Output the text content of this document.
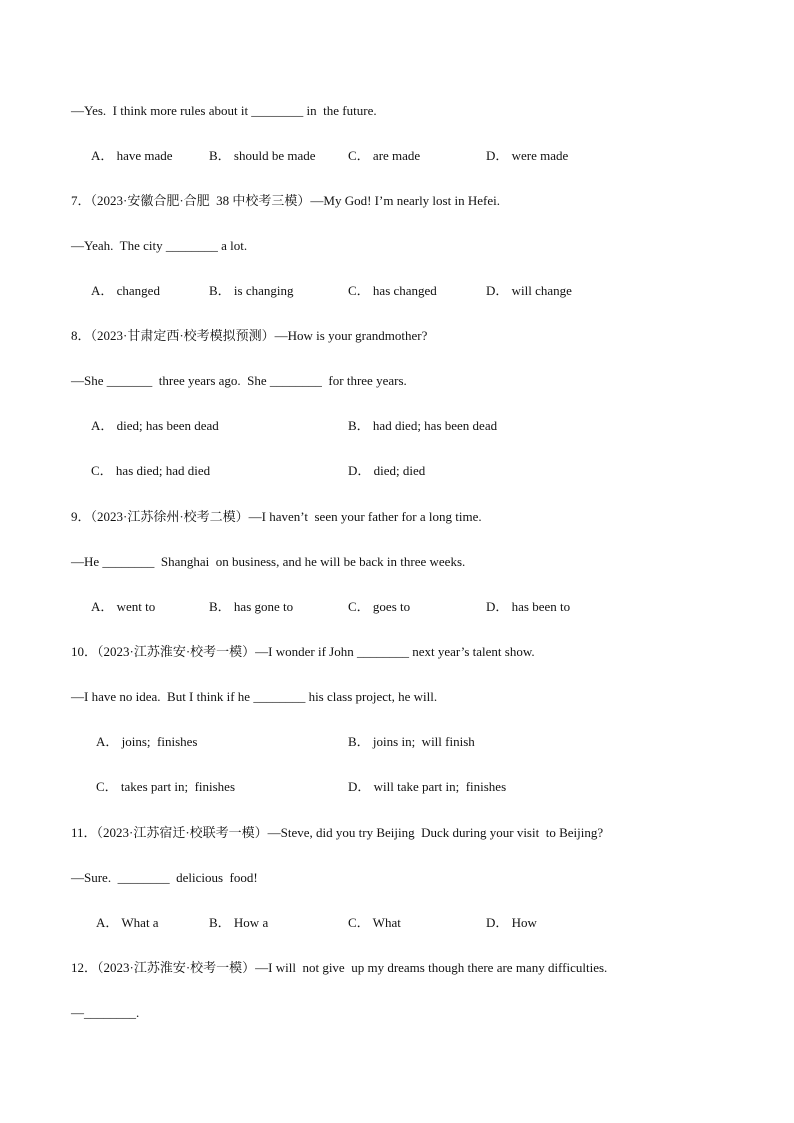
—Yes.  I think more rules about it ________ in  the future.
A． have made	B． should be made C． are made	D． were made
7．（2023·安徽合肥·合肥  38 中校考三模）—My God! I’m nearly lost in Hefei.
—Yeah.  The city ________ a lot.
A． changed	B． is changing	C． has changed	D． will change
8．（2023·甘肃定西·校考模拟预测）—How is your grandmother?
—She _______  three years ago.  She ________  for three years.
A． died; has been dead	B． had died; has been dead
C． has died; had died	D． died; died
9．（2023·江苏徐州·校考二模）—I haven’t  seen your father for a long time.
—He ________  Shanghai  on business, and he will be back in three weeks.
A． went to	B． has gone to	C． goes to	D． has been to
10．（2023·江苏淮安·校考一模）—I wonder if John ________ next year’s talent show.
—I have no idea.  But I think if he ________ his class project, he will.
A． joins;  finishes	B． joins in;  will finish
C． takes part in;  finishes	D． will take part in;  finishes
11．（2023·江苏宿迁·校联考一模）—Steve, did you try Beijing  Duck during your visit  to Beijing?
—Sure.  ________  delicious  food!
A． What a	B． How a	C． What	D． How
12．（2023·江苏淮安·校考一模）—I will  not give  up my dreams though there are many difficulties.
—________.
